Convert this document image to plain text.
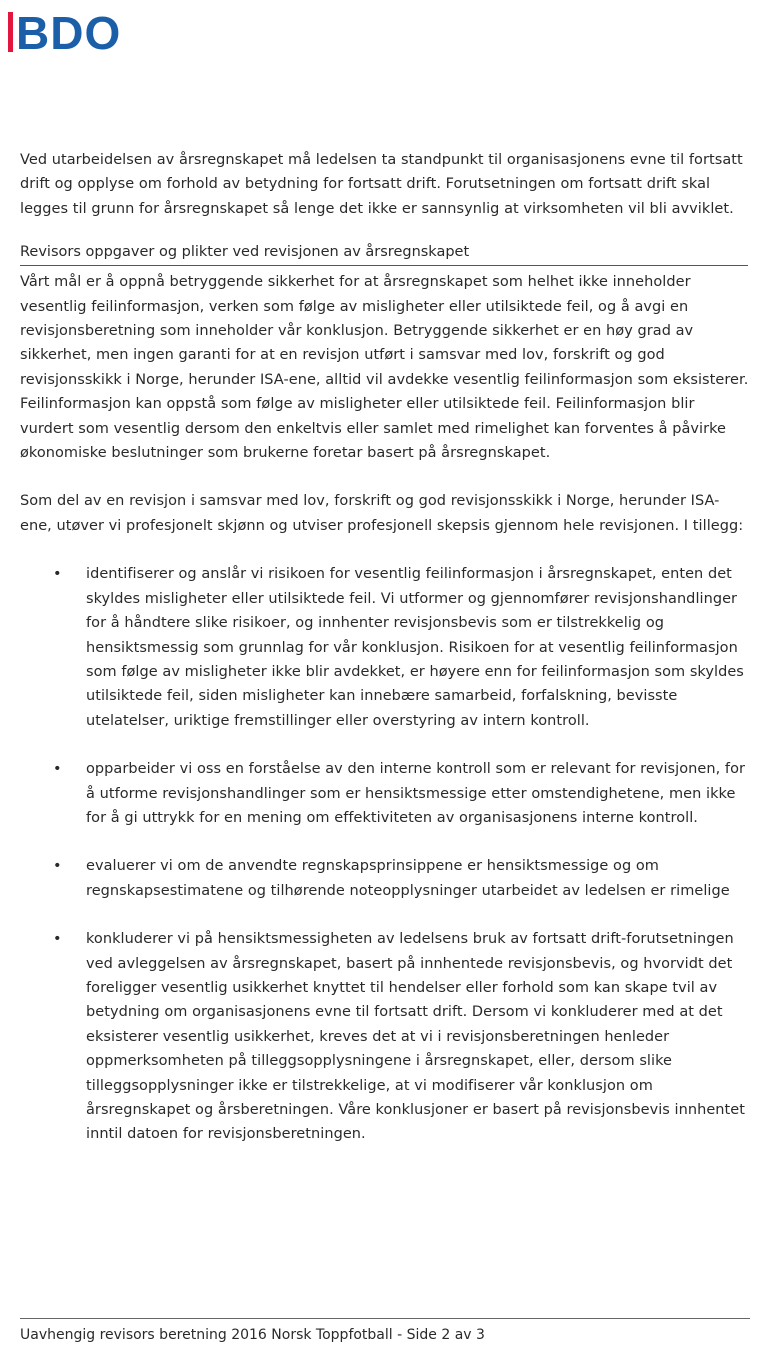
BDO

Ved utarbeidelsen av årsregnskapet må ledelsen ta standpunkt til organisasjonens evne til fortsatt drift og opplyse om forhold av betydning for fortsatt drift. Forutsetningen om fortsatt drift skal legges til grunn for årsregnskapet så lenge det ikke er sannsynlig at virksomheten vil bli avviklet.

Revisors oppgaver og plikter ved revisjonen av årsregnskapet

Vårt mål er å oppnå betryggende sikkerhet for at årsregnskapet som helhet ikke inneholder vesentlig feilinformasjon, verken som følge av misligheter eller utilsiktede feil, og å avgi en revisjonsberetning som inneholder vår konklusjon. Betryggende sikkerhet er en høy grad av sikkerhet, men ingen garanti for at en revisjon utført i samsvar med lov, forskrift og god revisjonsskikk i Norge, herunder ISA-ene, alltid vil avdekke vesentlig feilinformasjon som eksisterer. Feilinformasjon kan oppstå som følge av misligheter eller utilsiktede feil. Feilinformasjon blir vurdert som vesentlig dersom den enkeltvis eller samlet med rimelighet kan forventes å påvirke økonomiske beslutninger som brukerne foretar basert på årsregnskapet.

Som del av en revisjon i samsvar med lov, forskrift og god revisjonsskikk i Norge, herunder ISA-ene, utøver vi profesjonelt skjønn og utviser profesjonell skepsis gjennom hele revisjonen. I tillegg:

• identifiserer og anslår vi risikoen for vesentlig feilinformasjon i årsregnskapet, enten det skyldes misligheter eller utilsiktede feil. Vi utformer og gjennomfører revisjonshandlinger for å håndtere slike risikoer, og innhenter revisjonsbevis som er tilstrekkelig og hensiktsmessig som grunnlag for vår konklusjon. Risikoen for at vesentlig feilinformasjon som følge av misligheter ikke blir avdekket, er høyere enn for feilinformasjon som skyldes utilsiktede feil, siden misligheter kan innebære samarbeid, forfalskning, bevisste utelatelser, uriktige fremstillinger eller overstyring av intern kontroll.

• opparbeider vi oss en forståelse av den interne kontroll som er relevant for revisjonen, for å utforme revisjonshandlinger som er hensiktsmessige etter omstendighetene, men ikke for å gi uttrykk for en mening om effektiviteten av organisasjonens interne kontroll.

• evaluerer vi om de anvendte regnskapsprinsippene er hensiktsmessige og om regnskapsestimatene og tilhørende noteopplysninger utarbeidet av ledelsen er rimelige

• konkluderer vi på hensiktsmessigheten av ledelsens bruk av fortsatt drift-forutsetningen ved avleggelsen av årsregnskapet, basert på innhentede revisjonsbevis, og hvorvidt det foreligger vesentlig usikkerhet knyttet til hendelser eller forhold som kan skape tvil av betydning om organisasjonens evne til fortsatt drift. Dersom vi konkluderer med at det eksisterer vesentlig usikkerhet, kreves det at vi i revisjonsberetningen henleder oppmerksomheten på tilleggsopplysningene i årsregnskapet, eller, dersom slike tilleggsopplysninger ikke er tilstrekkelige, at vi modifiserer vår konklusjon om årsregnskapet og årsberetningen. Våre konklusjoner er basert på revisjonsbevis innhentet inntil datoen for revisjonsberetningen.

Uavhengig revisors beretning 2016 Norsk Toppfotball - Side 2 av 3
